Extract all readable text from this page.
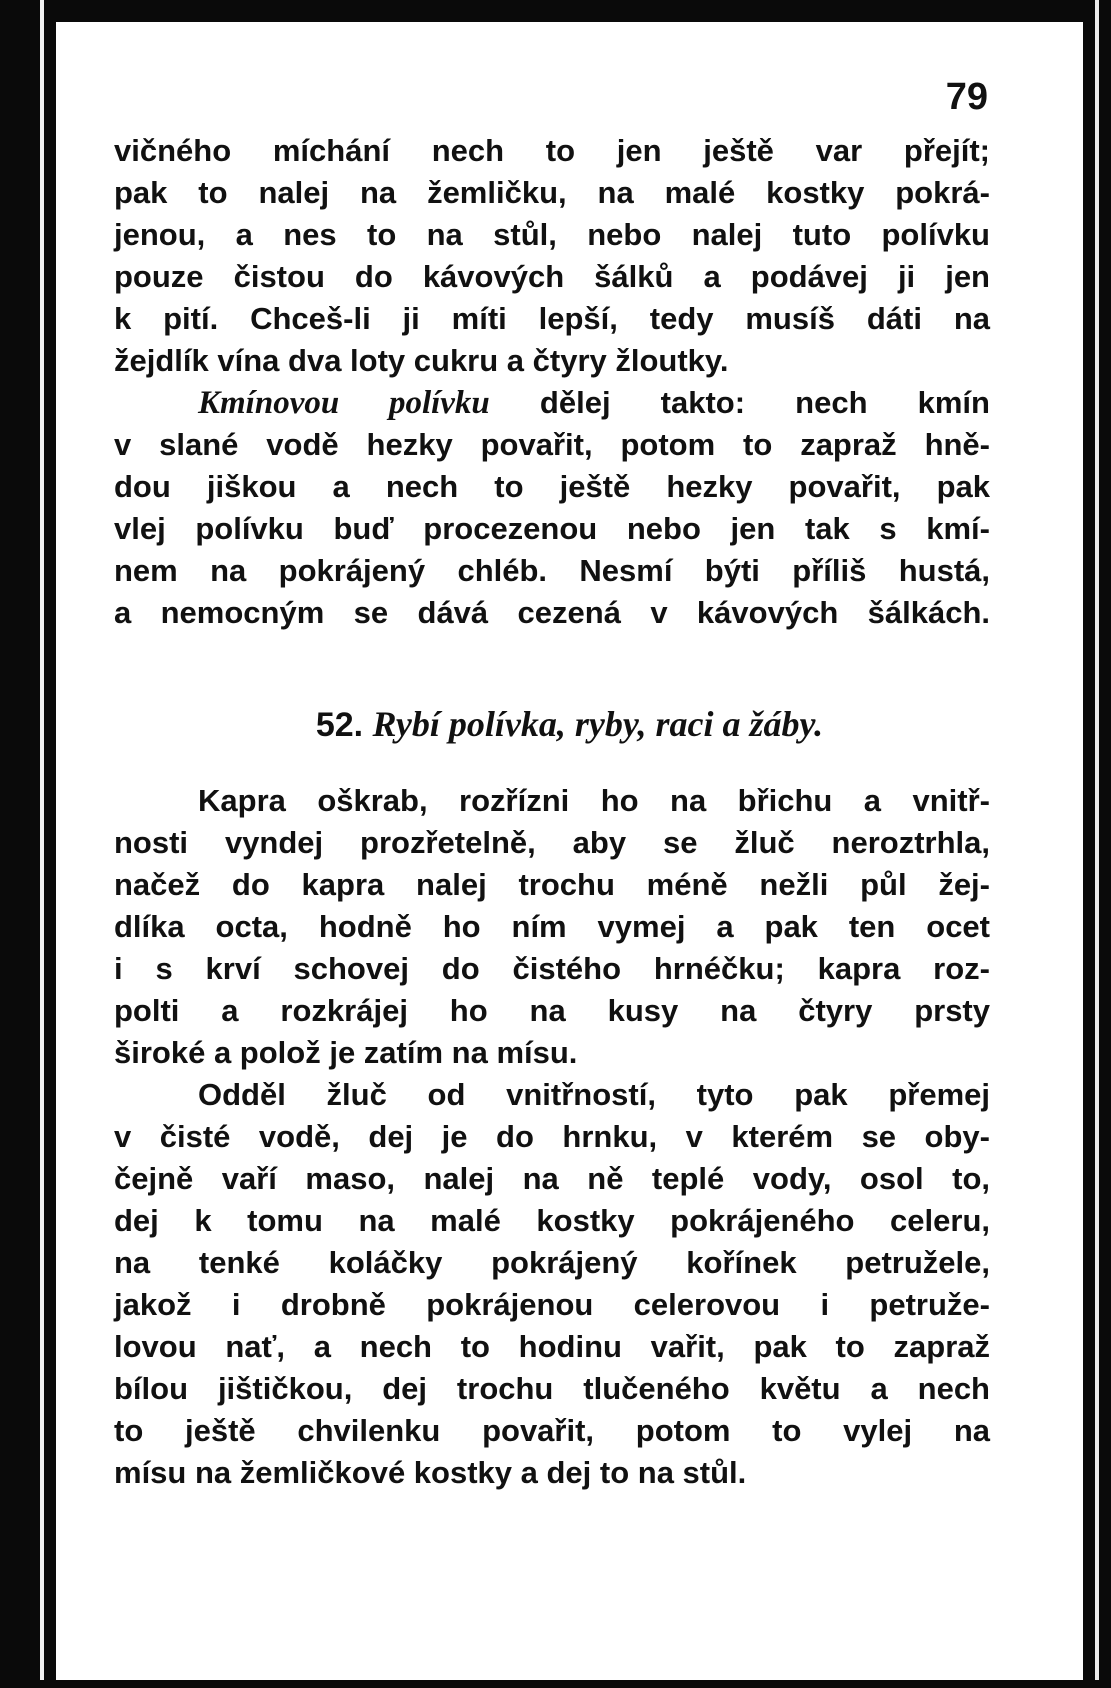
79
vičného míchání nech to jen ještě var přejít;
pak to nalej na žemličku, na malé kostky pokrá-
jenou, a nes to na stůl, nebo nalej tuto polívku
pouze čistou do kávových šálků a podávej ji jen
k pití. Chceš-li ji míti lepší, tedy musíš dáti na
žejdlík vína dva loty cukru a čtyry žloutky.
Kmínovou polívku dělej takto: nech kmín
v slané vodě hezky povařit, potom to zapraž hně-
dou jiškou a nech to ještě hezky povařit, pak
vlej polívku buď procezenou nebo jen tak s kmí-
nem na pokrájený chléb. Nesmí býti příliš hustá,
a nemocným se dává cezená v kávových šálkách.
52. Rybí polívka, ryby, raci a žáby.
Kapra oškrab, rozřízni ho na břichu a vnitř-
nosti vyndej prozřetelně, aby se žluč neroztrhla,
načež do kapra nalej trochu méně nežli půl žej-
dlíka octa, hodně ho ním vymej a pak ten ocet
i s krví schovej do čistého hrnéčku; kapra roz-
polti a rozkrájej ho na kusy na čtyry prsty
široké a polož je zatím na mísu.
Odděl žluč od vnitřností, tyto pak přemej
v čisté vodě, dej je do hrnku, v kterém se oby-
čejně vaří maso, nalej na ně teplé vody, osol to,
dej k tomu na malé kostky pokrájeného celeru,
na tenké koláčky pokrájený kořínek petružele,
jakož i drobně pokrájenou celerovou i petruže-
lovou nať, a nech to hodinu vařit, pak to zapraž
bílou jištičkou, dej trochu tlučeného květu a nech
to ještě chvilenku povařit, potom to vylej na
mísu na žemličkové kostky a dej to na stůl.
